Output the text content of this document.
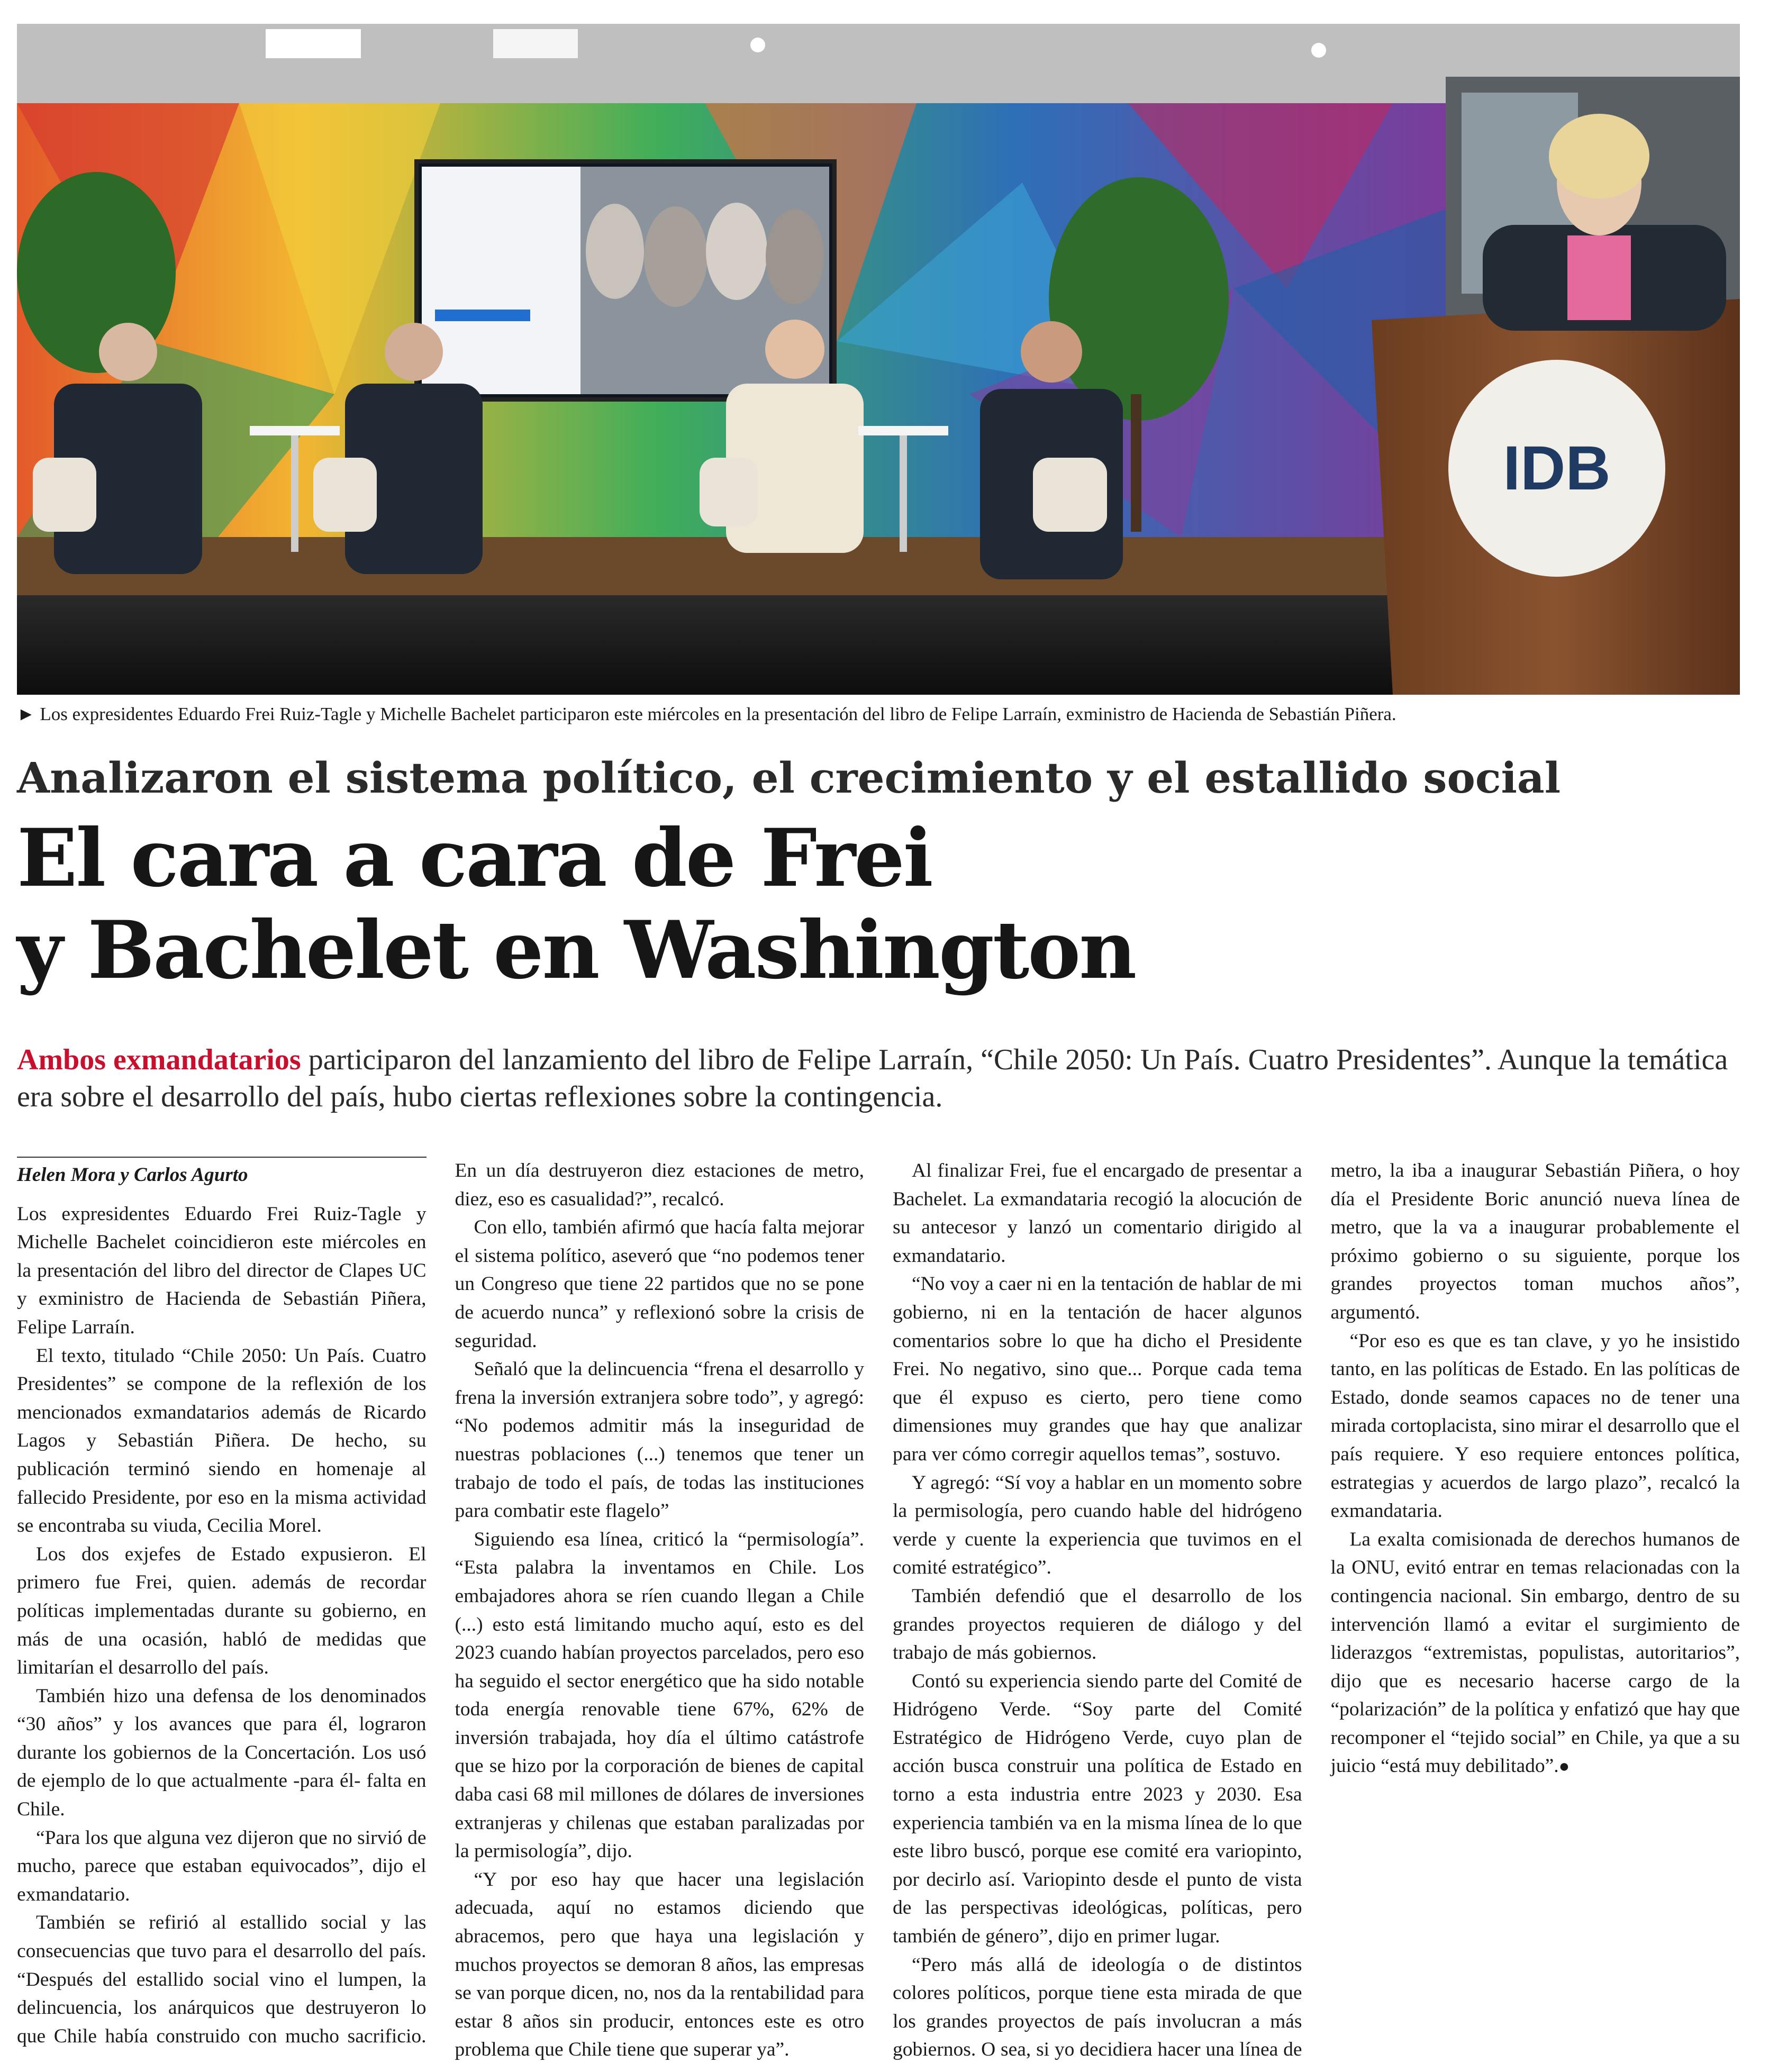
IDB
► Los expresidentes Eduardo Frei Ruiz-Tagle y Michelle Bachelet participaron este miércoles en la presentación del libro de Felipe Larraín, exministro de Hacienda de Sebastián Piñera.
Analizaron el sistema político, el crecimiento y el estallido social
El cara a cara de Frei
y Bachelet en Washington
Ambos exmandatarios participaron del lanzamiento del libro de Felipe Larraín, “Chile 2050: Un País. Cuatro Presidentes”. Aunque la temática era sobre el desarrollo del país, hubo ciertas reflexiones sobre la contingencia.
Helen Mora y Carlos Agurto

Los expresidentes Eduardo Frei Ruiz-Tagle y Michelle Bachelet coincidieron este miércoles en la presentación del libro del director de Clapes UC y exministro de Hacienda de Sebastián Piñera, Felipe Larraín.

El texto, titulado “Chile 2050: Un País. Cuatro Presidentes” se compone de la reflexión de los mencionados exmandatarios además de Ricardo Lagos y Sebastián Piñera. De hecho, su publicación terminó siendo en homenaje al fallecido Presidente, por eso en la misma actividad se encontraba su viuda, Cecilia Morel.

Los dos exjefes de Estado expusieron. El primero fue Frei, quien. además de recordar políticas implementadas durante su gobierno, en más de una ocasión, habló de medidas que limitarían el desarrollo del país.

También hizo una defensa de los denominados “30 años” y los avances que para él, lograron durante los gobiernos de la Concertación. Los usó de ejemplo de lo que actualmente -para él- falta en Chile.

“Para los que alguna vez dijeron que no sirvió de mucho, parece que estaban equivocados”, dijo el exmandatario.

También se refirió al estallido social y las consecuencias que tuvo para el desarrollo del país. “Después del estallido social vino el lumpen, la delincuencia, los anárquicos que destruyeron lo que Chile había construido con mucho sacrificio. En un día destruyeron diez estaciones de metro, diez, eso es casualidad?”, recalcó.

Con ello, también afirmó que hacía falta mejorar el sistema político, aseveró que “no podemos tener un Congreso que tiene 22 partidos que no se pone de acuerdo nunca” y reflexionó sobre la crisis de seguridad.

Señaló que la delincuencia “frena el desarrollo y frena la inversión extranjera sobre todo”, y agregó: “No podemos admitir más la inseguridad de nuestras poblaciones (...) tenemos que tener un trabajo de todo el país, de todas las instituciones para combatir este flagelo”

Siguiendo esa línea, criticó la “permisología”. “Esta palabra la inventamos en Chile. Los embajadores ahora se ríen cuando llegan a Chile (...) esto está limitando mucho aquí, esto es del 2023 cuando habían proyectos parcelados, pero eso ha seguido el sector energético que ha sido notable toda energía renovable tiene 67%, 62% de inversión trabajada, hoy día el último catástrofe que se hizo por la corporación de bienes de capital daba casi 68 mil millones de dólares de inversiones extranjeras y chilenas que estaban paralizadas por la permisología”, dijo.

“Y por eso hay que hacer una legislación adecuada, aquí no estamos diciendo que abracemos, pero que haya una legislación y muchos proyectos se demoran 8 años, las empresas se van porque dicen, no, nos da la rentabilidad para estar 8 años sin producir, entonces este es otro problema que Chile tiene que superar ya”.

Al finalizar Frei, fue el encargado de presentar a Bachelet. La exmandataria recogió la alocución de su antecesor y lanzó un comentario dirigido al exmandatario.

“No voy a caer ni en la tentación de hablar de mi gobierno, ni en la tentación de hacer algunos comentarios sobre lo que ha dicho el Presidente Frei. No negativo, sino que... Porque cada tema que él expuso es cierto, pero tiene como dimensiones muy grandes que hay que analizar para ver cómo corregir aquellos temas”, sostuvo.

Y agregó: “Sí voy a hablar en un momento sobre la permisología, pero cuando hable del hidrógeno verde y cuente la experiencia que tuvimos en el comité estratégico”.

También defendió que el desarrollo de los grandes proyectos requieren de diálogo y del trabajo de más gobiernos.

Contó su experiencia siendo parte del Comité de Hidrógeno Verde. “Soy parte del Comité Estratégico de Hidrógeno Verde, cuyo plan de acción busca construir una política de Estado en torno a esta industria entre 2023 y 2030. Esa experiencia también va en la misma línea de lo que este libro buscó, porque ese comité era variopinto, por decirlo así. Variopinto desde el punto de vista de las perspectivas ideológicas, políticas, pero también de género”, dijo en primer lugar.

“Pero más allá de ideología o de distintos colores políticos, porque tiene esta mirada de que los grandes proyectos de país involucran a más gobiernos. O sea, si yo decidiera hacer una línea de metro, la iba a inaugurar Sebastián Piñera, o hoy día el Presidente Boric anunció nueva línea de metro, que la va a inaugurar probablemente el próximo gobierno o su siguiente, porque los grandes proyectos toman muchos años”, argumentó.

“Por eso es que es tan clave, y yo he insistido tanto, en las políticas de Estado. En las políticas de Estado, donde seamos capaces no de tener una mirada cortoplacista, sino mirar el desarrollo que el país requiere. Y eso requiere entonces política, estrategias y acuerdos de largo plazo”, recalcó la exmandataria.

La exalta comisionada de derechos humanos de la ONU, evitó entrar en temas relacionadas con la contingencia nacional. Sin embargo, dentro de su intervención llamó a evitar el surgimiento de liderazgos “extremistas, populistas, autoritarios”, dijo que es necesario hacerse cargo de la “polarización” de la política y enfatizó que hay que recomponer el “tejido social” en Chile, ya que a su juicio “está muy debilitado”.●
